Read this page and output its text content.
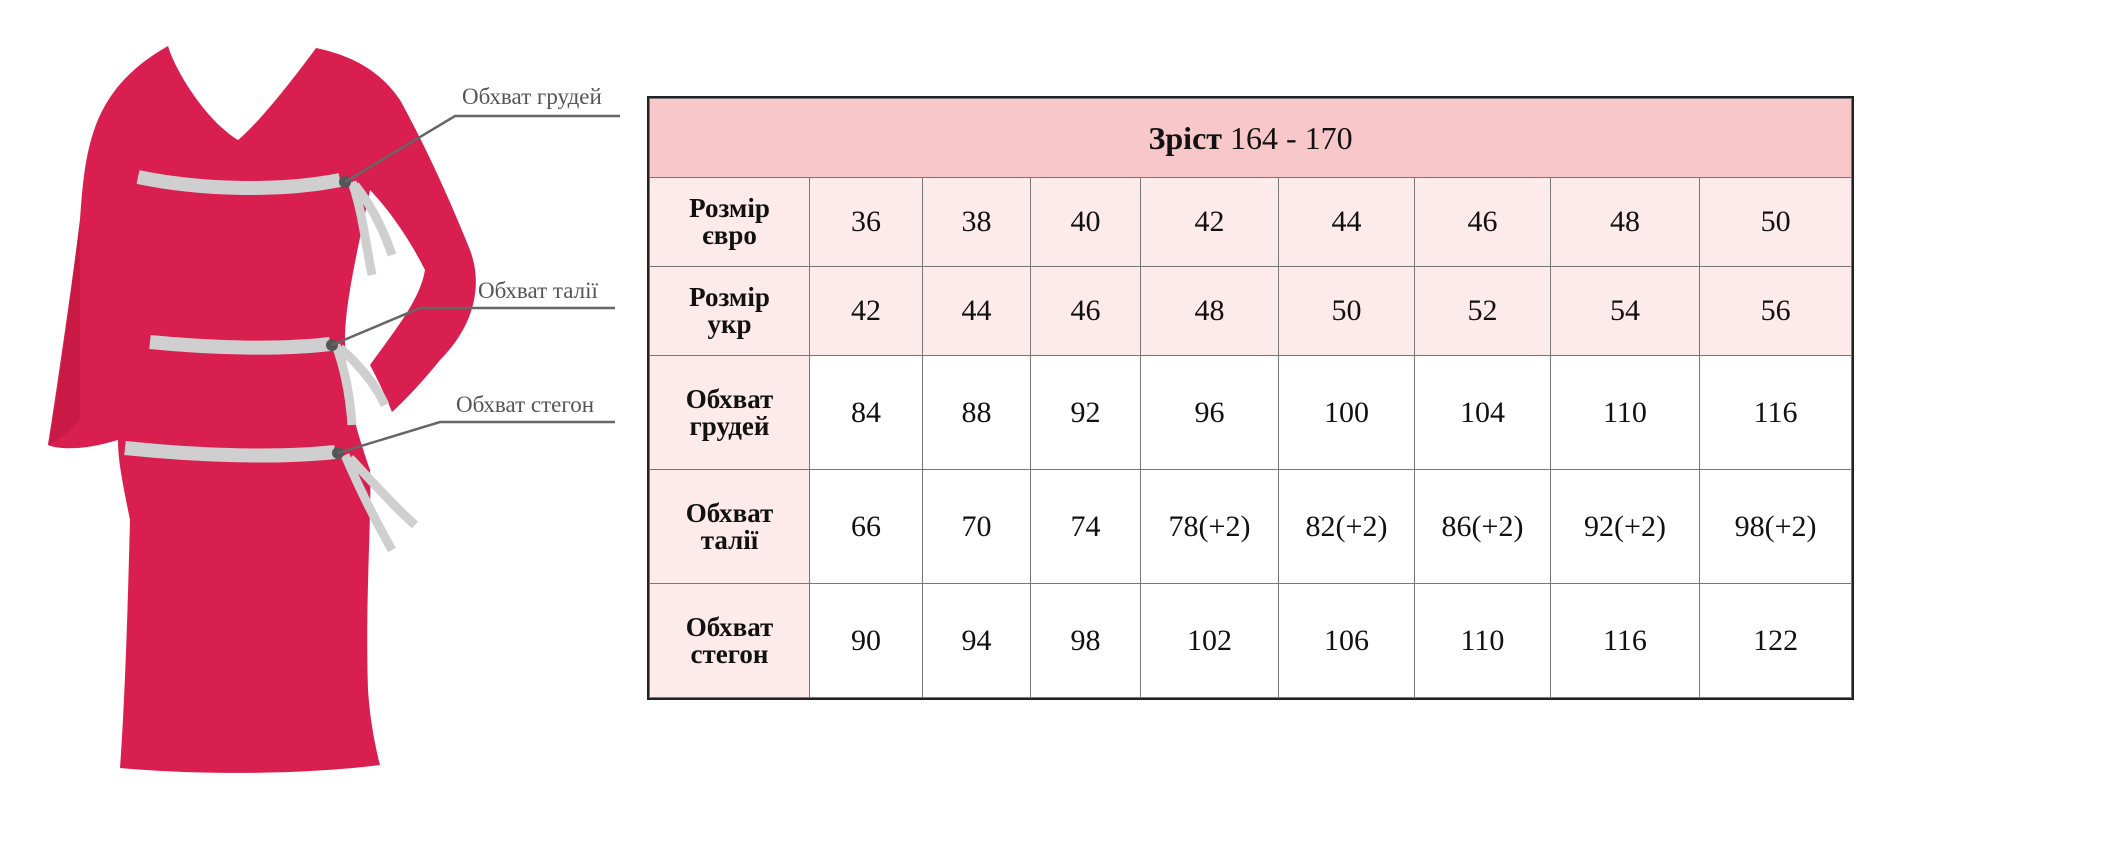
Обхват грудей
Обхват талії
Обхват стегон
Зріст 164 - 170								

Розмір
євро	36	38	40	42	44	46	48	50

Розмір
укр	42	44	46	48	50	52	54	56

Обхват
грудей	84	88	92	96	100	104	110	116

Обхват
талії	66	70	74	78(+2)	82(+2)	86(+2)	92(+2)	98(+2)

Обхват
стегон	90	94	98	102	106	110	116	122
